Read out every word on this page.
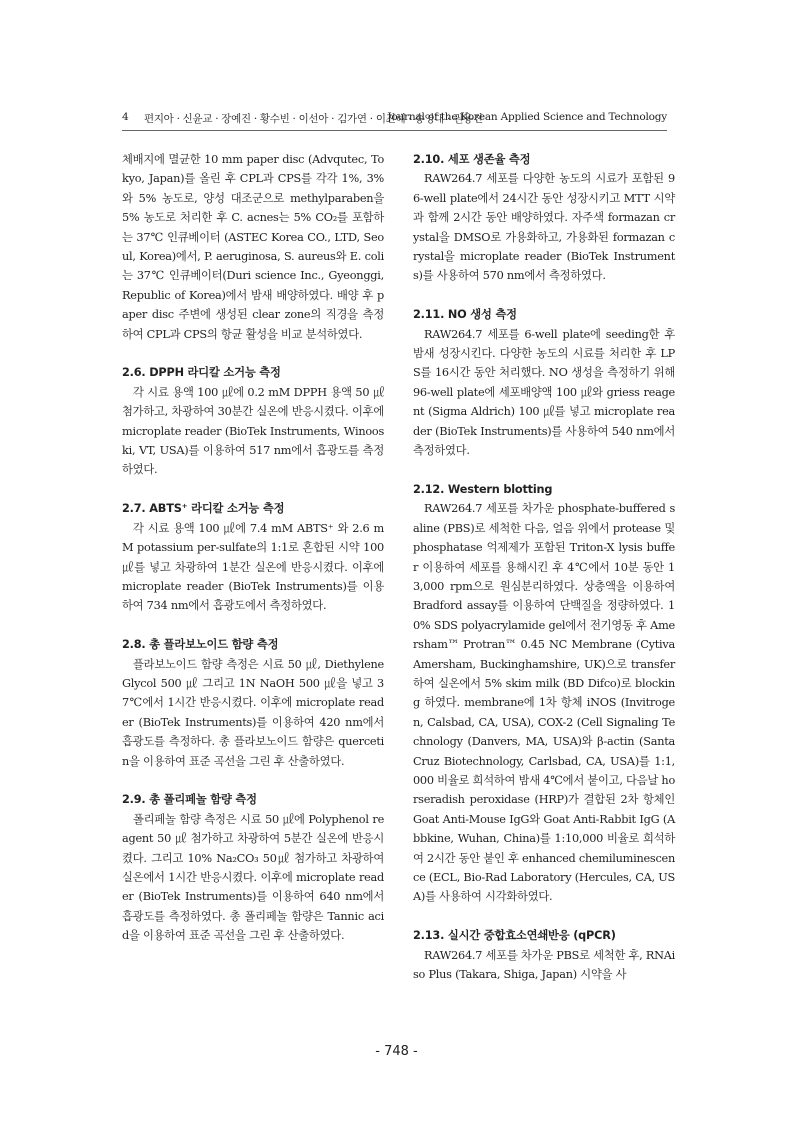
4 편지아 · 신윤교 · 장예진 · 황수빈 · 이선아 · 김가연 · 이진해 · 송영대 · 권용진
Journal of the Korean Applied Science and Technology

체배지에 멸균한 10 mm paper disc (Advqutec, Tokyo, Japan)를 올린 후 CPL과 CPS를 각각 1%, 3%와 5% 농도로, 양성 대조군으로 methylparaben을 5% 농도로 처리한 후 C. acnes는 5% CO₂를 포함하는 37℃ 인큐베이터 (ASTEC Korea CO., LTD, Seoul, Korea)에서, P. aeruginosa, S. aureus와 E. coli는 37℃ 인큐베이터(Duri science Inc., Gyeonggi, Republic of Korea)에서 밤새 배양하였다. 배양 후 paper disc 주변에 생성된 clear zone의 직경을 측정하여 CPL과 CPS의 항균 활성을 비교 분석하였다.

2.6. DPPH 라디칼 소거능 측정

각 시료 용액 100 ㎕에 0.2 mM DPPH 용액 50 ㎕ 첨가하고, 차광하여 30분간 실온에 반응시켰다. 이후에 microplate reader (BioTek Instruments, Winooski, VT, USA)를 이용하여 517 nm에서 흡광도를 측정하였다.

2.7. ABTS⁺ 라디칼 소거능 측정

각 시료 용액 100 ㎕에 7.4 mM ABTS⁺ 와 2.6 mM potassium per-sulfate의 1:1로 혼합된 시약 100 ㎕를 넣고 차광하여 1분간 실온에 반응시켰다. 이후에 microplate reader (BioTek Instruments)를 이용하여 734 nm에서 흡광도에서 측정하였다.

2.8. 총 플라보노이드 함량 측정

플라보노이드 함량 측정은 시료 50 ㎕, Diethylene Glycol 500 ㎕ 그리고 1N NaOH 500 ㎕을 넣고 37℃에서 1시간 반응시켰다. 이후에 microplate reader (BioTek Instruments)를 이용하여 420 nm에서 흡광도를 측정하다. 총 플라보노이드 함량은 quercetin을 이용하여 표준 곡선을 그린 후 산출하였다.

2.9. 총 폴리페놀 함량 측정

폴리페놀 함량 측정은 시료 50 ㎕에 Polyphenol reagent 50 ㎕ 첨가하고 차광하여 5분간 실온에 반응시켰다. 그리고 10% Na₂CO₃ 50㎕ 첨가하고 차광하여 실온에서 1시간 반응시켰다. 이후에 microplate reader (BioTek Instruments)를 이용하여 640 nm에서 흡광도를 측정하였다. 총 폴리페놀 함량은 Tannic acid을 이용하여 표준 곡선을 그린 후 산출하였다.

2.10. 세포 생존율 측정

RAW264.7 세포를 다양한 농도의 시료가 포함된 96-well plate에서 24시간 동안 성장시키고 MTT 시약과 함께 2시간 동안 배양하였다. 자주색 formazan crystal을 DMSO로 가용화하고, 가용화된 formazan crystal을 microplate reader (BioTek Instruments)를 사용하여 570 nm에서 측정하였다.

2.11. NO 생성 측정

RAW264.7 세포를 6-well plate에 seeding한 후 밤새 성장시킨다. 다양한 농도의 시료를 처리한 후 LPS를 16시간 동안 처리했다. NO 생성을 측정하기 위해 96-well plate에 세포배양액 100 ㎕와 griess reagent (Sigma Aldrich) 100 ㎕를 넣고 microplate reader (BioTek Instruments)를 사용하여 540 nm에서 측정하였다.

2.12. Western blotting

RAW264.7 세포를 차가운 phosphate-buffered saline (PBS)로 세척한 다음, 얼음 위에서 protease 및 phosphatase 억제제가 포함된 Triton-X lysis buffer 이용하여 세포를 용해시킨 후 4℃에서 10분 동안 13,000 rpm으로 원심분리하였다. 상층액을 이용하여 Bradford assay를 이용하여 단백질을 정량하였다. 10% SDS polyacrylamide gel에서 전기영동 후 Amersham™ Protran™ 0.45 NC Membrane (Cytiva Amersham, Buckinghamshire, UK)으로 transfer 하여 실온에서 5% skim milk (BD Difco)로 blocking 하였다. membrane에 1차 항체 iNOS (Invitrogen, Calsbad, CA, USA), COX-2 (Cell Signaling Technology (Danvers, MA, USA)와 β-actin (Santa Cruz Biotechnology, Carlsbad, CA, USA)를 1:1,000 비율로 희석하여 밤새 4℃에서 붙이고, 다음날 horseradish peroxidase (HRP)가 결합된 2차 항체인 Goat Anti-Mouse IgG와 Goat Anti-Rabbit IgG (Abbkine, Wuhan, China)를 1:10,000 비율로 희석하여 2시간 동안 붙인 후 enhanced chemiluminescence (ECL, Bio-Rad Laboratory (Hercules, CA, USA)를 사용하여 시각화하였다.

2.13. 실시간 중합효소연쇄반응 (qPCR)

RAW264.7 세포를 차가운 PBS로 세척한 후, RNAiso Plus (Takara, Shiga, Japan) 시약을 사

- 748 -
